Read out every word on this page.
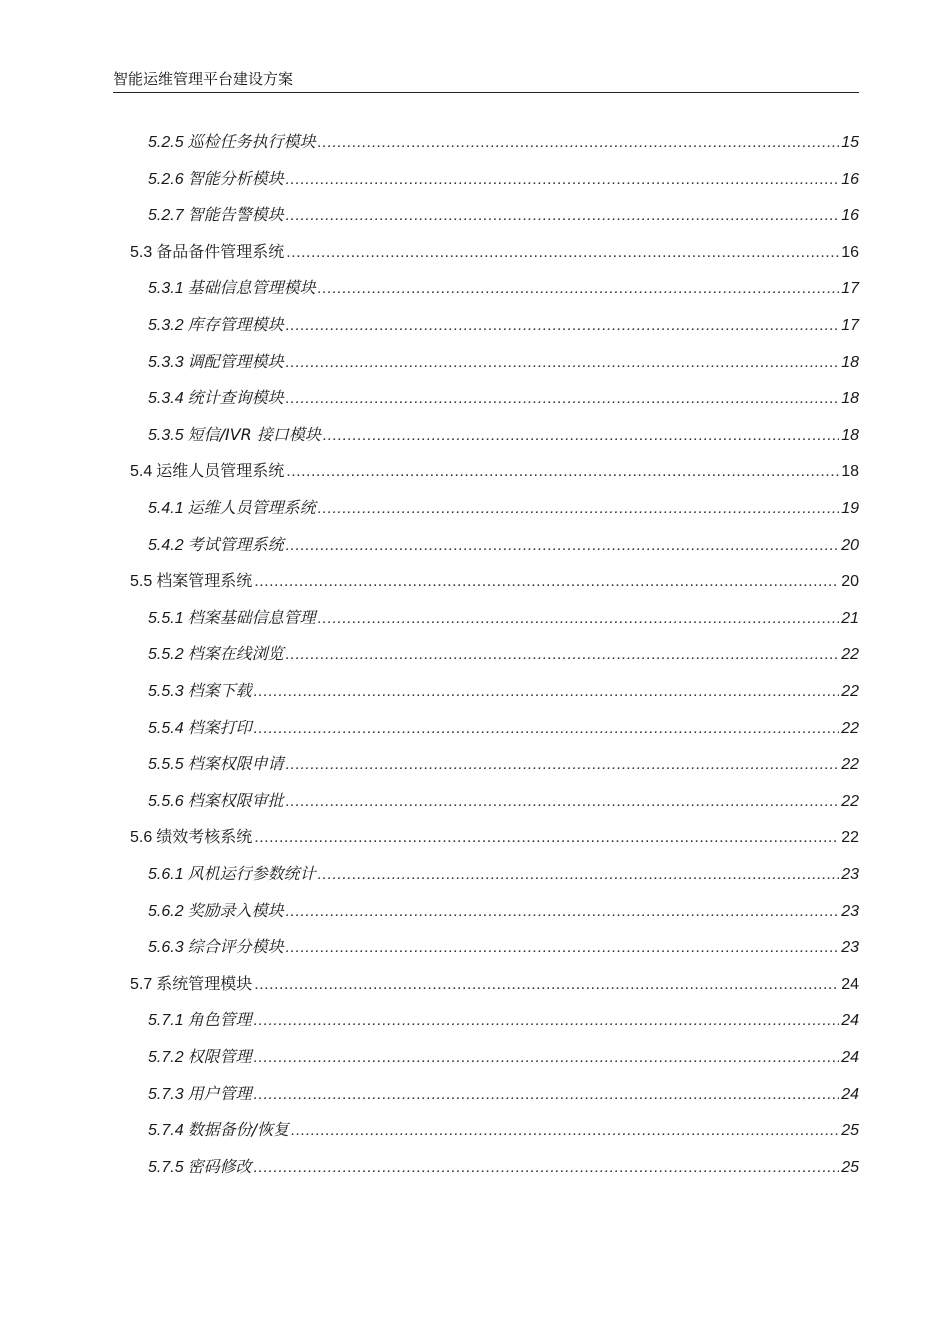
智能运维管理平台建设方案
5.2.5 巡检任务执行模块 .....	15
5.2.6 智能分析模块 .....	16
5.2.7 智能告警模块 .....	16
5.3 备品备件管理系统 .....	16
5.3.1 基础信息管理模块 .....	17
5.3.2 库存管理模块 .....	17
5.3.3 调配管理模块 .....	18
5.3.4 统计查询模块 .....	18
5.3.5 短信/IVR 接口模块 .....	18
5.4 运维人员管理系统 .....	18
5.4.1 运维人员管理系统 .....	19
5.4.2 考试管理系统 .....	20
5.5 档案管理系统 .....	20
5.5.1 档案基础信息管理 .....	21
5.5.2 档案在线浏览 .....	22
5.5.3 档案下载 .....	22
5.5.4 档案打印 .....	22
5.5.5 档案权限申请 .....	22
5.5.6 档案权限审批 .....	22
5.6 绩效考核系统 .....	22
5.6.1 风机运行参数统计 .....	23
5.6.2 奖励录入模块 .....	23
5.6.3 综合评分模块 .....	23
5.7 系统管理模块 .....	24
5.7.1 角色管理 .....	24
5.7.2 权限管理 .....	24
5.7.3 用户管理 .....	24
5.7.4 数据备份/恢复 .....	25
5.7.5 密码修改 .....	25
